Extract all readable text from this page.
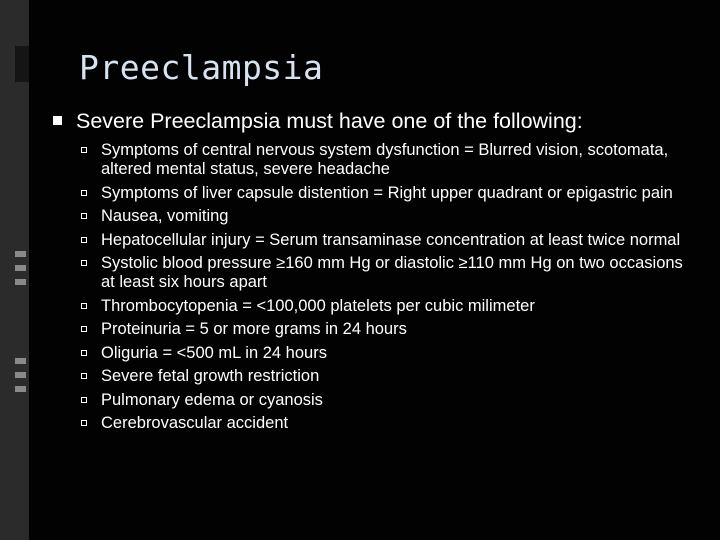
Preeclampsia
Severe Preeclampsia must have one of the following:
Symptoms of central nervous system dysfunction = Blurred vision, scotomata, altered mental status, severe headache
Symptoms of liver capsule distention = Right upper quadrant or epigastric pain
Nausea, vomiting
Hepatocellular injury = Serum transaminase concentration at least twice normal
Systolic blood pressure ≥160 mm Hg or diastolic ≥110 mm Hg on two occasions at least six hours apart
Thrombocytopenia = <100,000 platelets per cubic milimeter
Proteinuria = 5 or more grams in 24 hours
Oliguria = <500 mL in 24 hours
Severe fetal growth restriction
Pulmonary edema or cyanosis
Cerebrovascular accident
